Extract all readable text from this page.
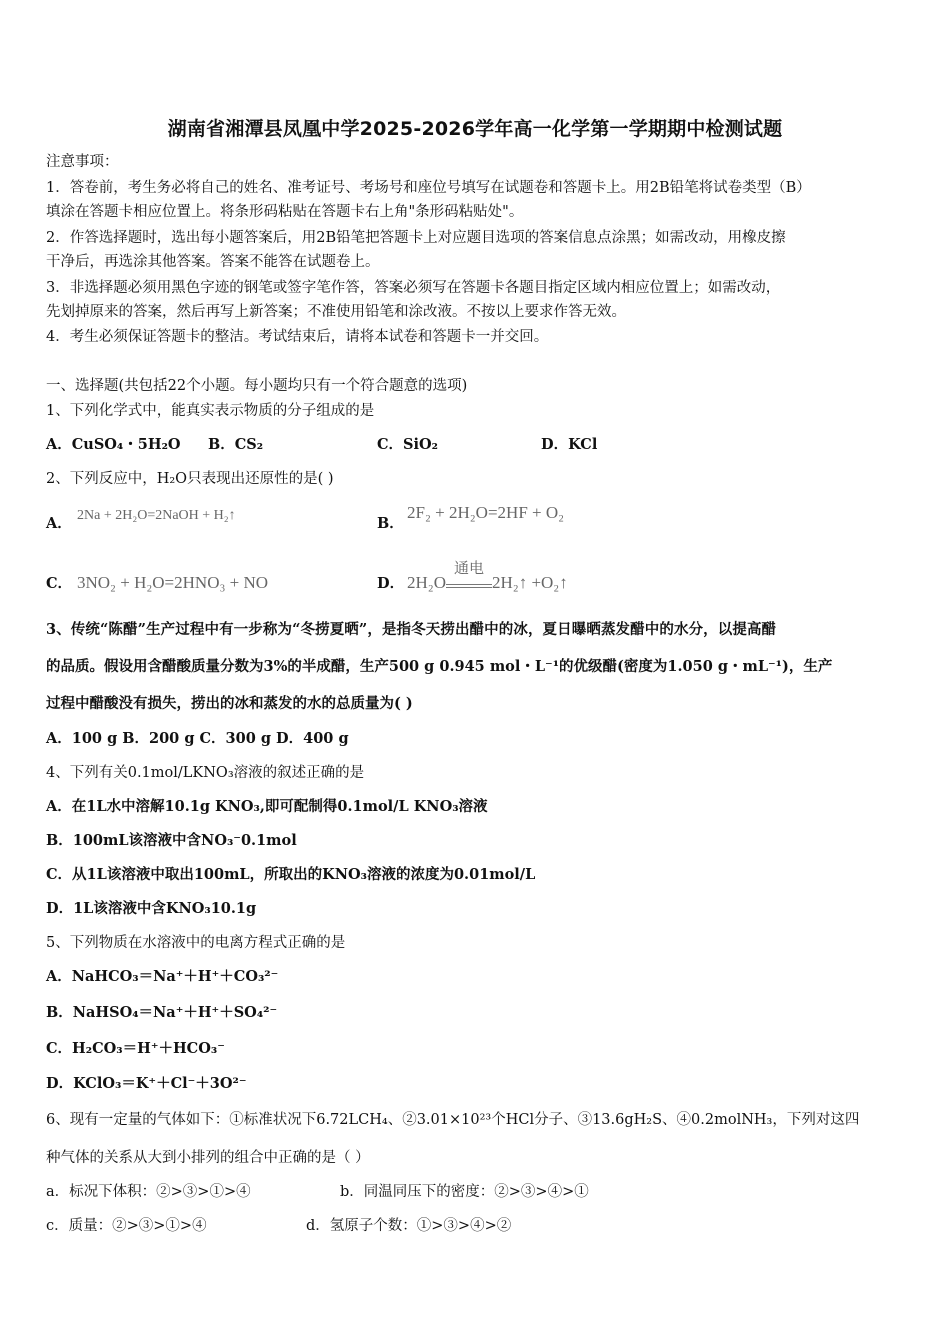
湖南省湘潭县凤凰中学2025-2026学年高一化学第一学期期中检测试题
注意事项：
1．答卷前，考生务必将自己的姓名、准考证号、考场号和座位号填写在试题卷和答题卡上。用2B铅笔将试卷类型（B）
填涂在答题卡相应位置上。将条形码粘贴在答题卡右上角"条形码粘贴处"。
2．作答选择题时，选出每小题答案后，用2B铅笔把答题卡上对应题目选项的答案信息点涂黑；如需改动，用橡皮擦
干净后，再选涂其他答案。答案不能答在试题卷上。
3．非选择题必须用黑色字迹的钢笔或签字笔作答，答案必须写在答题卡各题目指定区域内相应位置上；如需改动，
先划掉原来的答案，然后再写上新答案；不准使用铅笔和涂改液。不按以上要求作答无效。
4．考生必须保证答题卡的整洁。考试结束后，请将本试卷和答题卡一并交回。
一、选择题(共包括22个小题。每小题均只有一个符合题意的选项)
1、下列化学式中，能真实表示物质的分子组成的是
A．CuSO₄・5H₂O B．CS₂	C．SiO₂	D．KCl
2、下列反应中，H₂O只表现出还原性的是( )
A． 2Na + 2H₂O=2NaOH + H₂↑	B．
2F₂ + 2H₂O=2HF + O₂
C． 3NO₂ + H₂O=2HNO₃ + NO	D． 2H₂O
通电
2H₂↑ +O₂↑
3、传统“陈醋”生产过程中有一步称为“冬捞夏晒”，是指冬天捞出醋中的冰，夏日曝晒蒸发醋中的水分，以提高醋
的品质。假设用含醋酸质量分数为3%的半成醋，生产500 g 0.945 mol・L⁻¹的优级醋(密度为1.050 g・mL⁻¹)，生产
过程中醋酸没有损失，捞出的冰和蒸发的水的总质量为( )
A．100 g B．200 g C．300 g D．400 g
4、下列有关0.1mol/LKNO₃溶液的叙述正确的是
A．在1L水中溶解10.1g KNO₃,即可配制得0.1mol/L KNO₃溶液
B．100mL该溶液中含NO₃⁻0.1mol
C．从1L该溶液中取出100mL，所取出的KNO₃溶液的浓度为0.01mol/L
D．1L该溶液中含KNO₃10.1g
5、下列物质在水溶液中的电离方程式正确的是
A．NaHCO₃＝Na⁺＋H⁺＋CO₃²⁻
B．NaHSO₄＝Na⁺＋H⁺＋SO₄²⁻
C．H₂CO₃＝H⁺＋HCO₃⁻
D．KClO₃＝K⁺＋Cl⁻＋3O²⁻
6、现有一定量的气体如下：①标准状况下6.72LCH₄、②3.01×10²³个HCl分子、③13.6gH₂S、④0.2molNH₃，下列对这四
种气体的关系从大到小排列的组合中正确的是（ ）
a．标况下体积：②>③>①>④	b．同温同压下的密度：②>③>④>①
c．质量：②>③>①>④	d．氢原子个数：①>③>④>②
